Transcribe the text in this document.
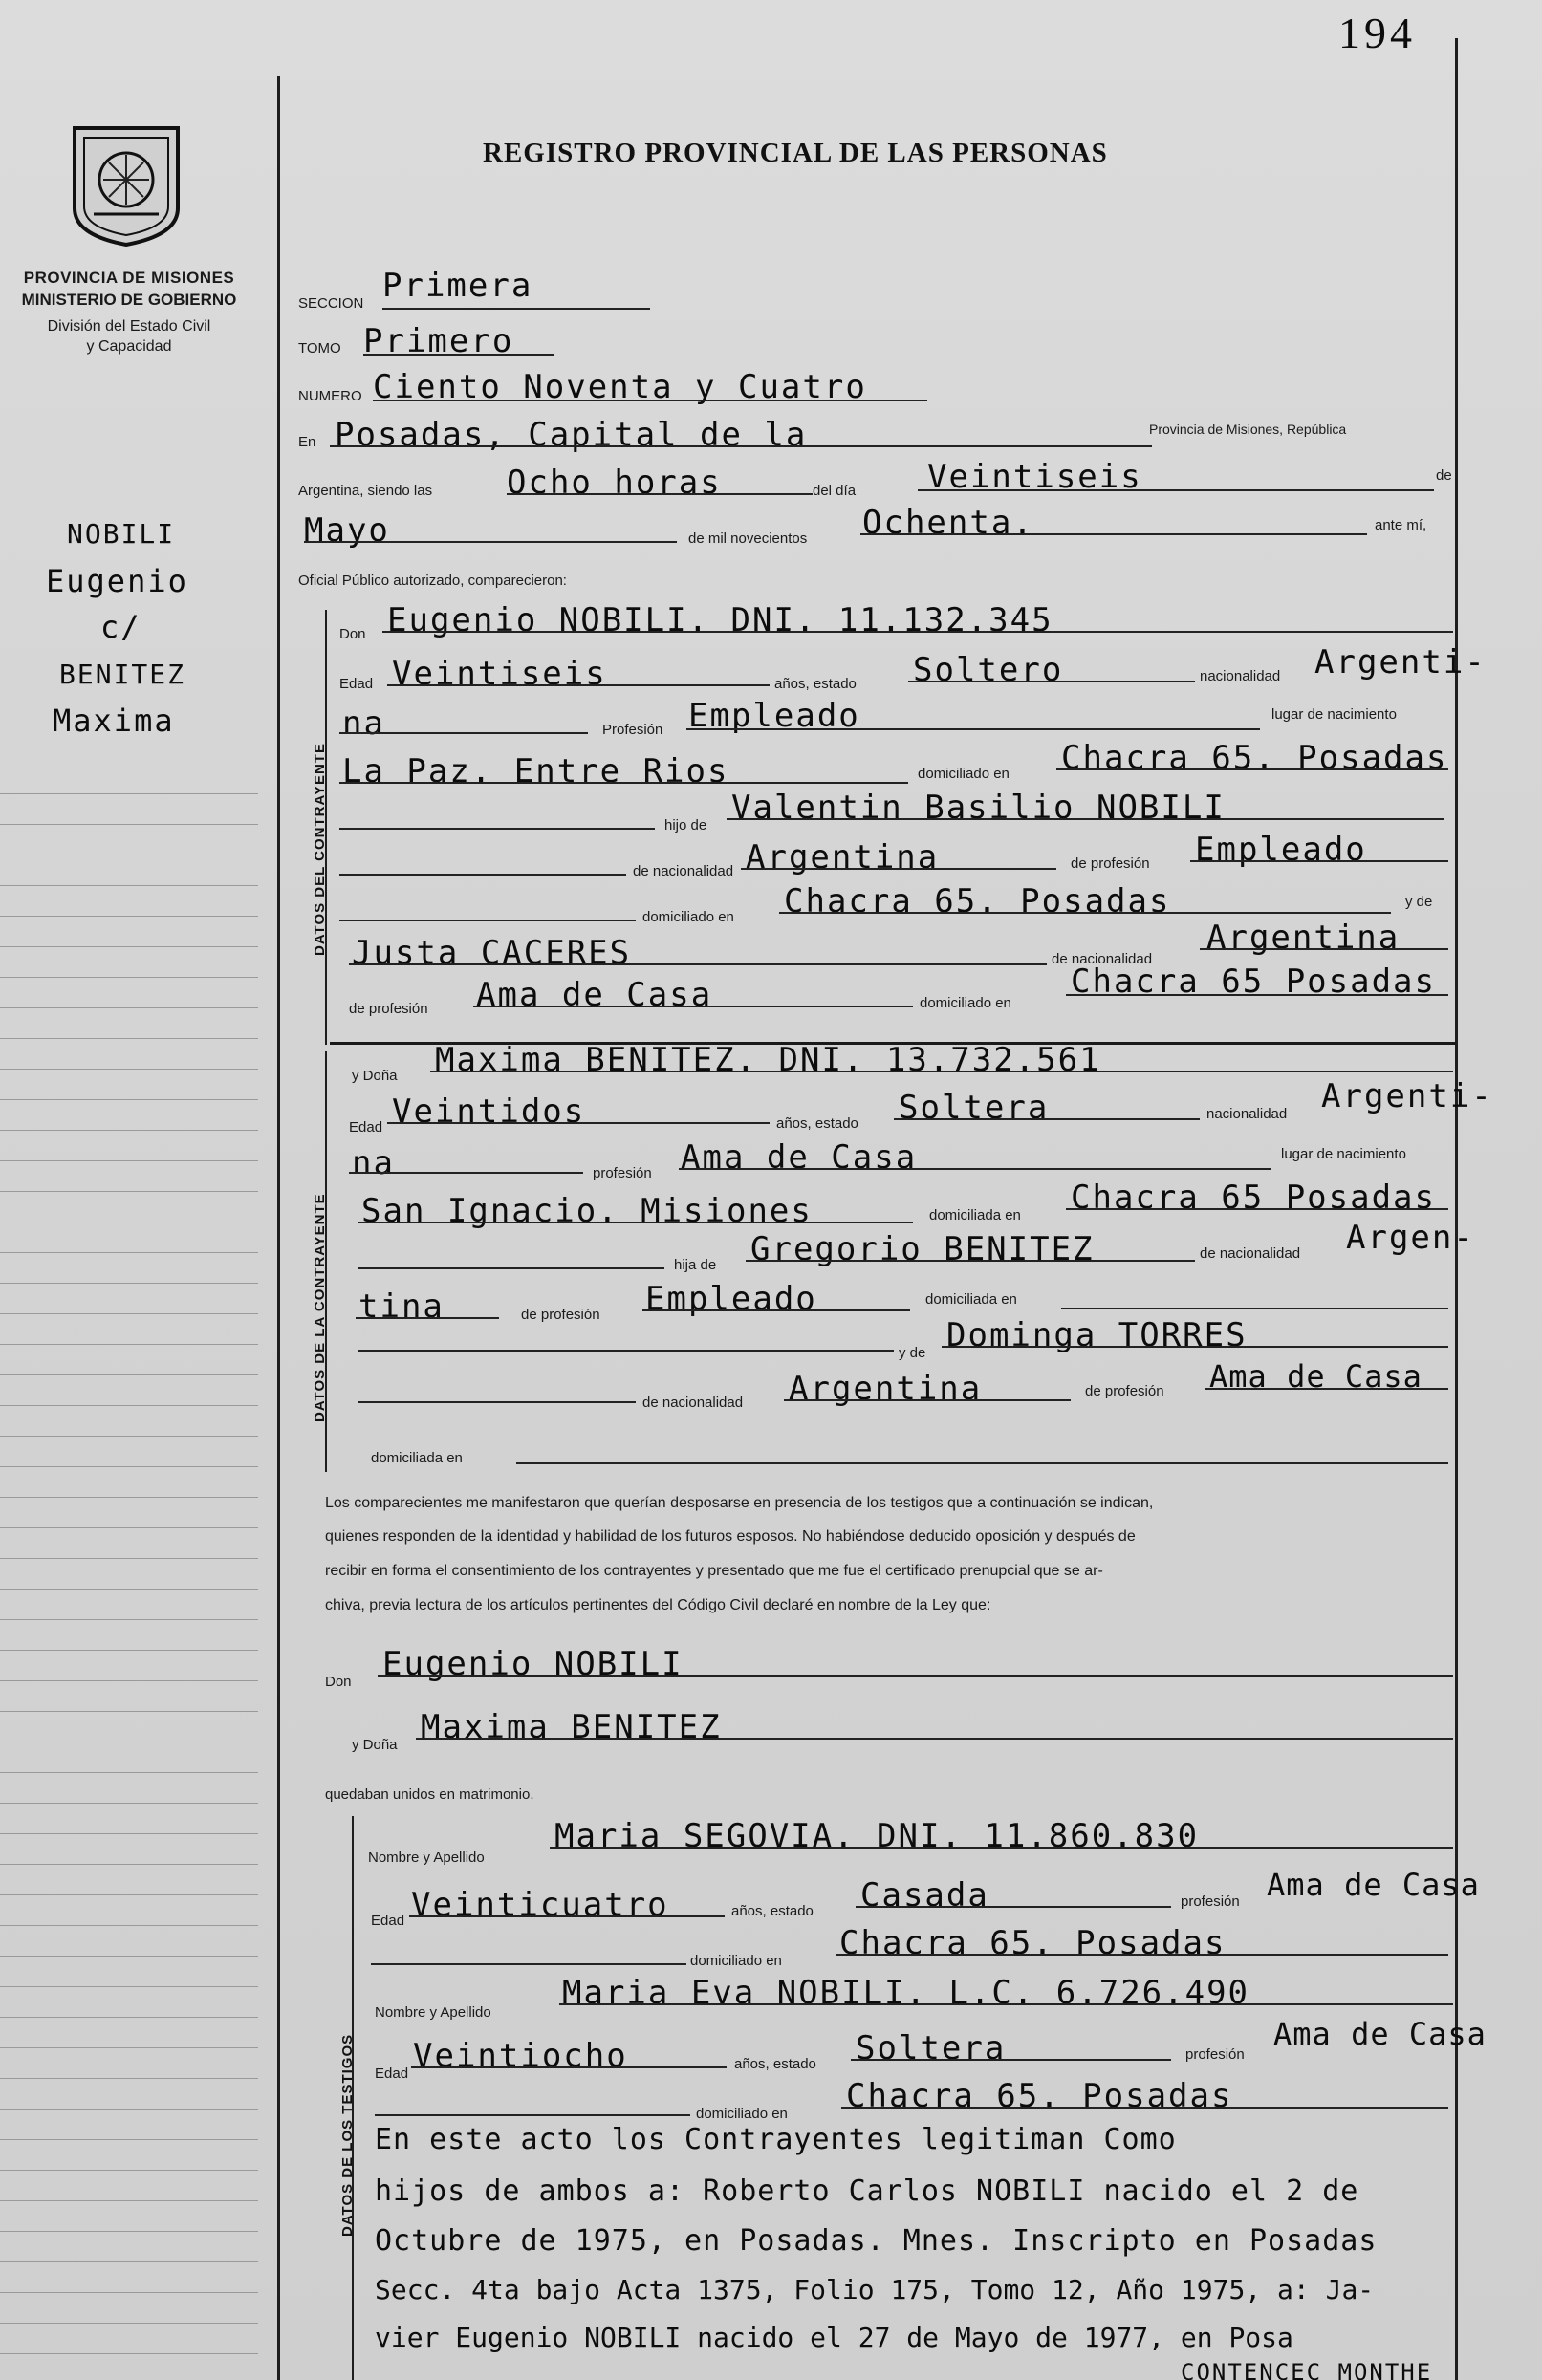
194
PROVINCIA DE MISIONES
MINISTERIO DE GOBIERNO
División del Estado Civil
y Capacidad
NOBILI
Eugenio
c/
BENITEZ
Maxima
REGISTRO PROVINCIAL DE LAS PERSONAS
SECCION Primera
TOMO Primero
NUMERO Ciento Noventa y Cuatro
En Posadas, Capital de la	Provincia de Misiones, República
Argentina, siendo las Ocho horas	del día Veintiseis	de
Mayo	de mil novecientos Ochenta.	ante mí,
Oficial Público autorizado, comparecieron:
DATOS DEL CONTRAYENTE
Don Eugenio NOBILI. DNI. 11.132.345
Edad Veintiseis	años, estado Soltero	nacionalidad Argenti-
na	Profesión Empleado	lugar de nacimiento
La Paz. Entre Rios	domiciliado en Chacra 65. Posadas
hijo de Valentin Basilio NOBILI
de nacionalidad Argentina	de profesión Empleado
domiciliado en Chacra 65. Posadas	y de
Justa CACERES	de nacionalidad
Argentina
de profesión Ama de Casa	domiciliado en
Chacra 65 Posadas
DATOS DE LA CONTRAYENTE
y Doña Maxima BENITEZ. DNI. 13.732.561
Edad Veintidos	años, estado Soltera	nacionalidad Argenti-
na	profesión Ama de Casa	lugar de nacimiento
San Ignacio. Misiones	domiciliada en Chacra 65 Posadas
hija de Gregorio BENITEZ	de nacionalidad Argen-
tina	de profesión Empleado	domiciliada en
y de Dominga TORRES
de nacionalidad Argentina	de profesión Ama de Casa
domiciliada en
Los comparecientes me manifestaron que querían desposarse en presencia de los testigos que a continuación se indican,
quienes responden de la identidad y habilidad de los futuros esposos. No habiéndose deducido oposición y después de
recibir en forma el consentimiento de los contrayentes y presentado que me fue el certificado prenupcial que se ar-
chiva, previa lectura de los artículos pertinentes del Código Civil declaré en nombre de la Ley que:
Don Eugenio NOBILI
y Doña Maxima BENITEZ
quedaban unidos en matrimonio.
DATOS DE LOS TESTIGOS
Nombre y Apellido
Maria SEGOVIA. DNI. 11.860.830
Edad Veinticuatro	años, estado Casada	profesión Ama de Casa
domiciliado en Chacra 65. Posadas
Nombre y Apellido
Maria Eva NOBILI. L.C. 6.726.490
Edad Veintiocho	años, estado Soltera	profesión
Ama de Casa
domiciliado en Chacra 65. Posadas
En este acto los Contrayentes legitiman Como
hijos de ambos a: Roberto Carlos NOBILI nacido el 2 de
Octubre de 1975, en Posadas. Mnes. Inscripto en Posadas
Secc. 4ta bajo Acta 1375, Folio 175, Tomo 12, Año 1975, a: Ja-
vier Eugenio NOBILI nacido el 27 de Mayo de 1977, en Posa
CONTENCEC MONTHE
